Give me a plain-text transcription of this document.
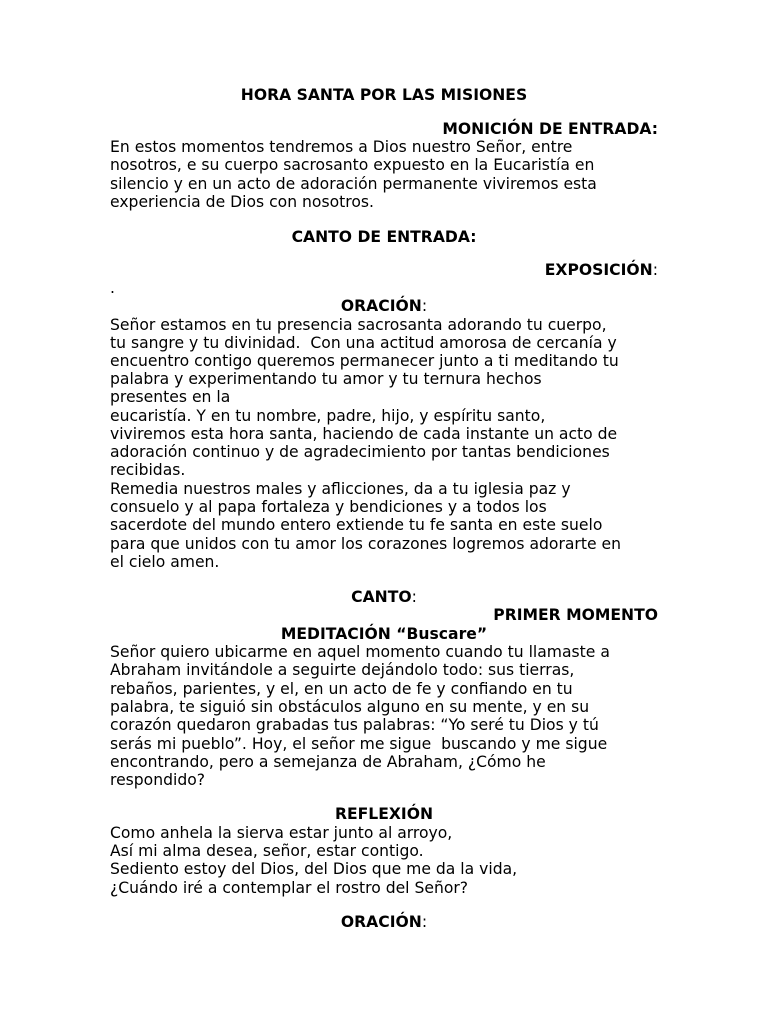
HORA SANTA POR LAS MISIONES
MONICIÓN DE ENTRADA:
En estos momentos tendremos a Dios nuestro Señor, entre
nosotros, e su cuerpo sacrosanto expuesto en la Eucaristía en
silencio y en un acto de adoración permanente viviremos esta
experiencia de Dios con nosotros.
CANTO DE ENTRADA:
EXPOSICIÓN:
.
ORACIÓN:
Señor estamos en tu presencia sacrosanta adorando tu cuerpo,
tu sangre y tu divinidad.  Con una actitud amorosa de cercanía y
encuentro contigo queremos permanecer junto a ti meditando tu
palabra y experimentando tu amor y tu ternura hechos
presentes en la
eucaristía. Y en tu nombre, padre, hijo, y espíritu santo,
viviremos esta hora santa, haciendo de cada instante un acto de
adoración continuo y de agradecimiento por tantas bendiciones
recibidas.
Remedia nuestros males y aflicciones, da a tu iglesia paz y
consuelo y al papa fortaleza y bendiciones y a todos los
sacerdote del mundo entero extiende tu fe santa en este suelo
para que unidos con tu amor los corazones logremos adorarte en
el cielo amen.
CANTO:
PRIMER MOMENTO
MEDITACIÓN “Buscare”
Señor quiero ubicarme en aquel momento cuando tu llamaste a
Abraham invitándole a seguirte dejándolo todo: sus tierras,
rebaños, parientes, y el, en un acto de fe y confiando en tu
palabra, te siguió sin obstáculos alguno en su mente, y en su
corazón quedaron grabadas tus palabras: “Yo seré tu Dios y tú
serás mi pueblo”. Hoy, el señor me sigue  buscando y me sigue
encontrando, pero a semejanza de Abraham, ¿Cómo he
respondido?
REFLEXIÓN
Como anhela la sierva estar junto al arroyo,
Así mi alma desea, señor, estar contigo.
Sediento estoy del Dios, del Dios que me da la vida,
¿Cuándo iré a contemplar el rostro del Señor?
ORACIÓN:
